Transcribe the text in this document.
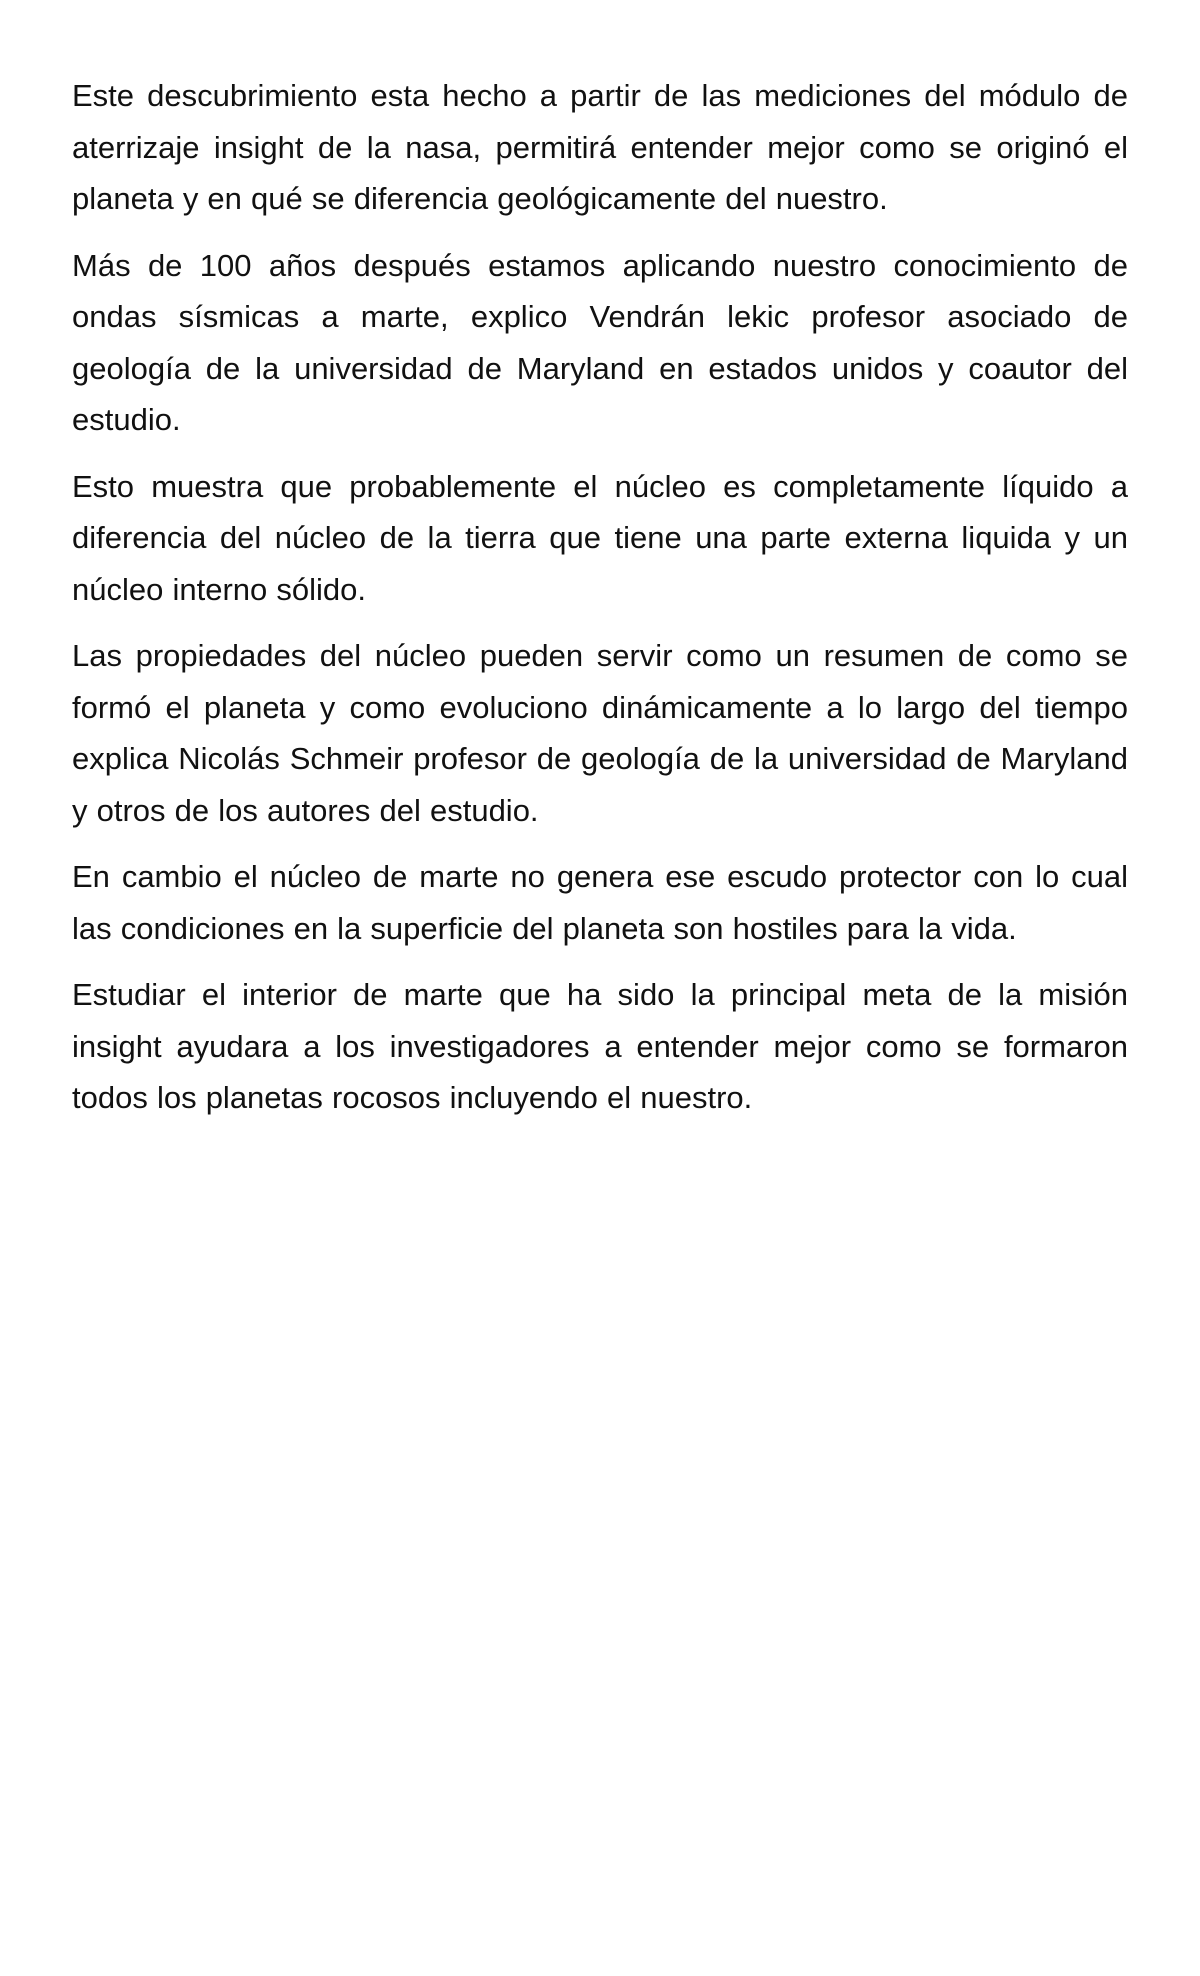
Este descubrimiento esta hecho a partir de las mediciones del módulo de aterrizaje insight de la nasa, permitirá entender mejor como se originó el planeta y en qué se diferencia geológicamente del nuestro.

Más de 100 años después estamos aplicando nuestro conocimiento de ondas sísmicas a marte, explico Vendrán lekic profesor asociado de geología de la universidad de Maryland en estados unidos y coautor del estudio.

Esto muestra que probablemente el núcleo es completamente líquido a diferencia del núcleo de la tierra que tiene una parte externa liquida y un núcleo interno sólido.

Las propiedades del núcleo pueden servir como un resumen de como se formó el planeta y como evoluciono dinámicamente a lo largo del tiempo explica Nicolás Schmeir profesor de geología de la universidad de Maryland y otros de los autores del estudio.

En cambio el núcleo de marte no genera ese escudo protector con lo cual las condiciones en la superficie del planeta son hostiles para la vida.

Estudiar el interior de marte que ha sido la principal meta de la misión insight ayudara a los investigadores a entender mejor como se formaron todos los planetas rocosos incluyendo el nuestro.
